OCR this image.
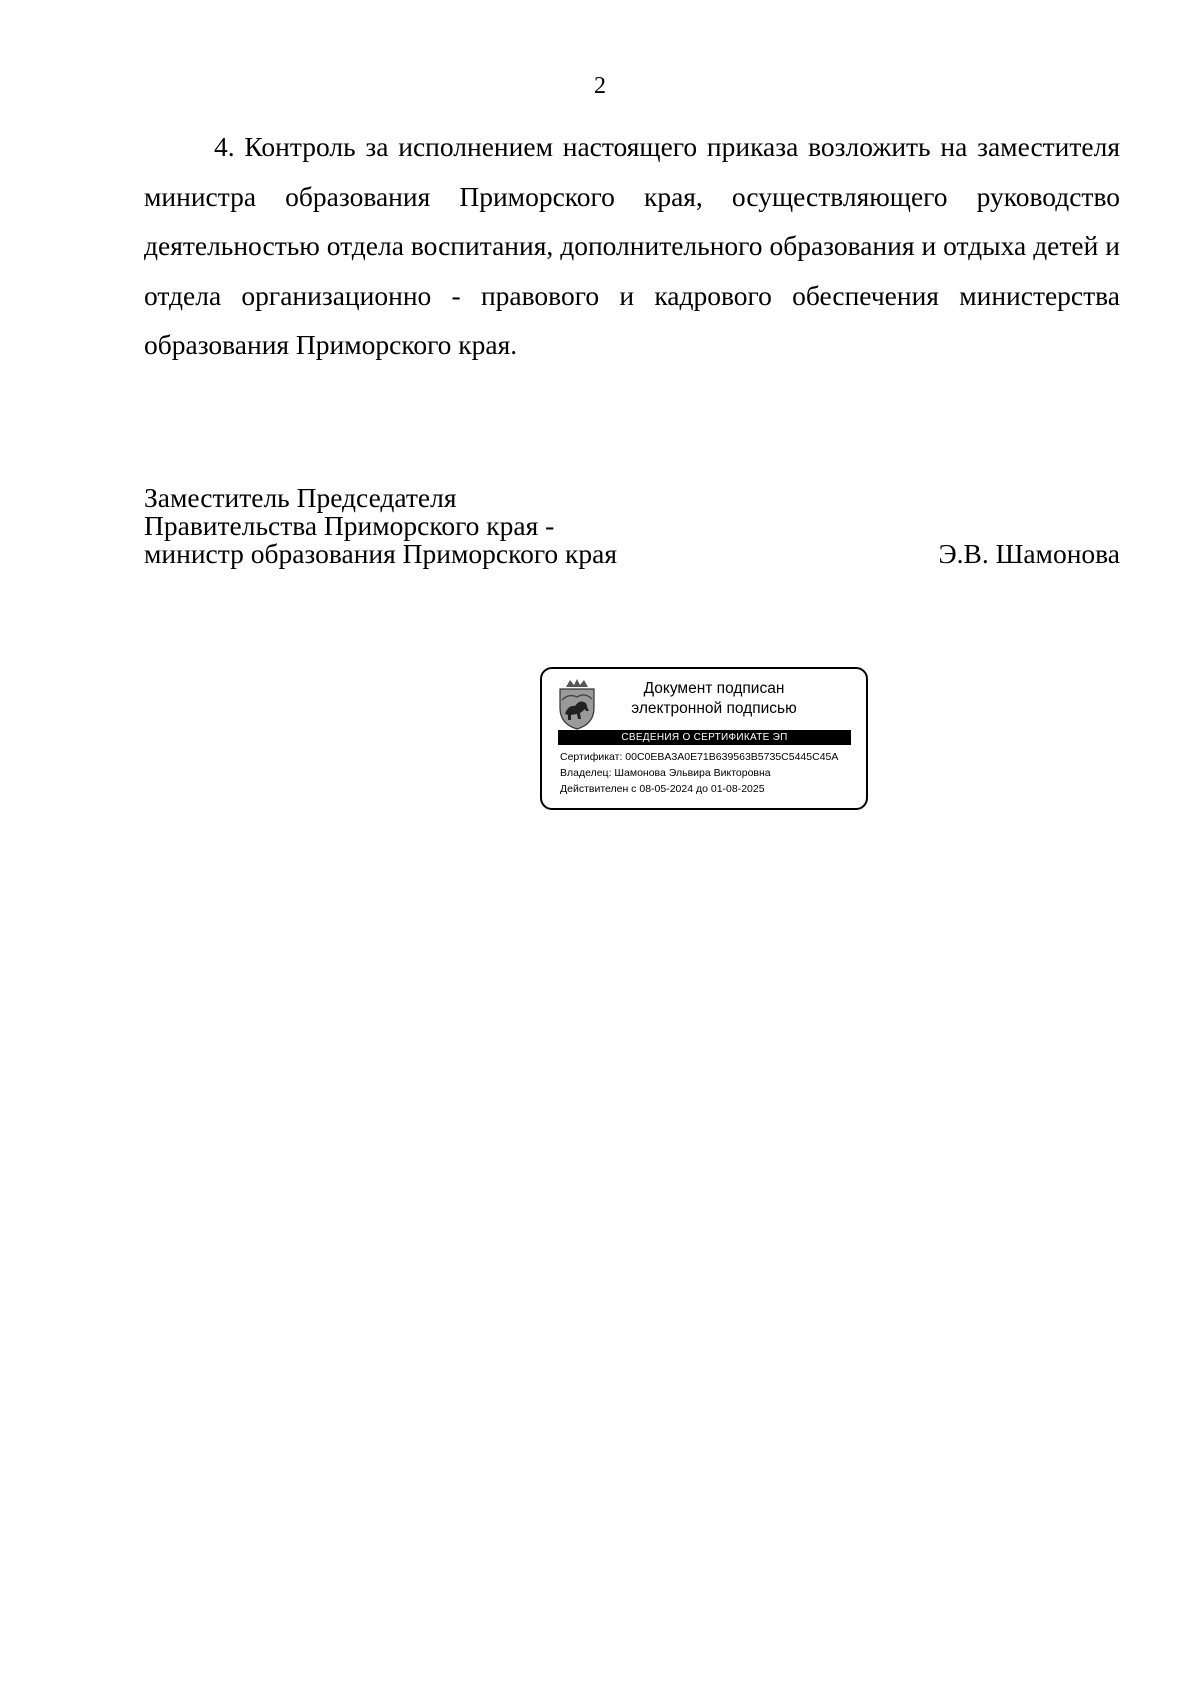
2

4. Контроль за исполнением настоящего приказа возложить на заместителя министра образования Приморского края, осуществляющего руководство деятельностью отдела воспитания, дополнительного образования и отдыха детей и отдела организационно - правового и кадрового обеспечения министерства образования Приморского края.

Заместитель Председателя
Правительства Приморского края -
министр образования Приморского края	Э.В. Шамонова
Документ подписан
электронной подписью
СВЕДЕНИЯ О СЕРТИФИКАТЕ ЭП
Сертификат: 00C0EBA3A0E71B639563B5735C5445C45A
Владелец: Шамонова Эльвира Викторовна
Действителен с 08-05-2024 до 01-08-2025
